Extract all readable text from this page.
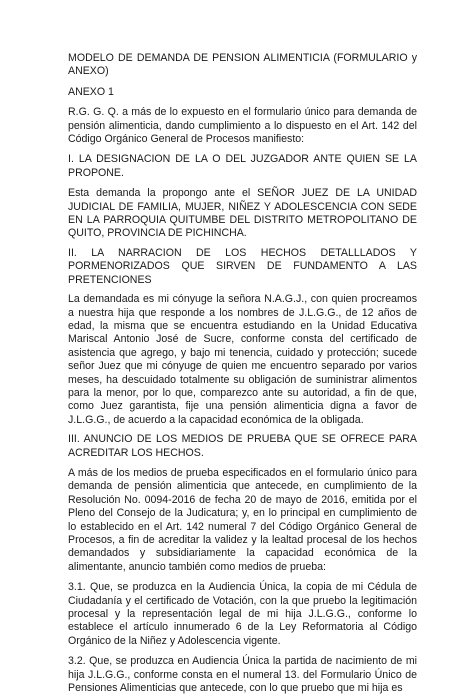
MODELO DE DEMANDA DE PENSION ALIMENTICIA (FORMULARIO y ANEXO)

ANEXO 1

R.G. G. Q. a más de lo expuesto en el formulario único para demanda de pensión alimenticia, dando cumplimiento a lo dispuesto en el Art. 142 del Código Orgánico General de Procesos manifiesto:

I. LA DESIGNACION DE LA O DEL JUZGADOR ANTE QUIEN SE LA PROPONE.

Esta demanda la propongo ante el SEÑOR JUEZ DE LA UNIDAD JUDICIAL DE FAMILIA, MUJER, NIÑEZ Y ADOLESCENCIA CON SEDE EN LA PARROQUIA QUITUMBE DEL DISTRITO METROPOLITANO DE QUITO, PROVINCIA DE PICHINCHA.

II. LA NARRACION DE LOS HECHOS DETALLLADOS Y PORMENORIZADOS QUE SIRVEN DE FUNDAMENTO A LAS PRETENCIONES

La demandada es mi cónyuge la señora N.A.G.J., con quien procreamos a nuestra hija que responde a los nombres de J.L.G.G., de 12 años de edad, la misma que se encuentra estudiando en la Unidad Educativa Mariscal Antonio José de Sucre, conforme consta del certificado de asistencia que agrego, y bajo mi tenencia, cuidado y protección; sucede señor Juez que mi cónyuge de quien me encuentro separado por varios meses, ha descuidado totalmente su obligación de suministrar alimentos para la menor, por lo que, comparezco ante su autoridad, a fin de que, como Juez garantista, fije una pensión alimenticia digna a favor de J.L.G.G., de acuerdo a la capacidad económica de la obligada.

III. ANUNCIO DE LOS MEDIOS DE PRUEBA QUE SE OFRECE PARA ACREDITAR LOS HECHOS.

A más de los medios de prueba especificados en el formulario único para demanda de pensión alimenticia que antecede, en cumplimiento de la Resolución No. 0094-2016 de fecha 20 de mayo de 2016, emitida por el Pleno del Consejo de la Judicatura; y, en lo principal en cumplimiento de lo establecido en el Art. 142 numeral 7 del Código Orgánico General de Procesos, a fin de acreditar la validez y la lealtad procesal de los hechos demandados y subsidiariamente la capacidad económica de la alimentante, anuncio también como medios de prueba:

3.1. Que, se produzca en la Audiencia Única, la copia de mi Cédula de Ciudadanía y el certificado de Votación, con la que pruebo la legitimación procesal y la representación legal de mi hija J.L.G.G., conforme lo establece el artículo innumerado 6 de la Ley Reformatoria al Código Orgánico de la Niñez y Adolescencia vigente.

3.2. Que, se produzca en Audiencia Única la partida de nacimiento de mi hija J.L.G.G., conforme consta en el numeral 13. del Formulario Único de Pensiones Alimenticias que antecede, con lo que pruebo que mi hija es
